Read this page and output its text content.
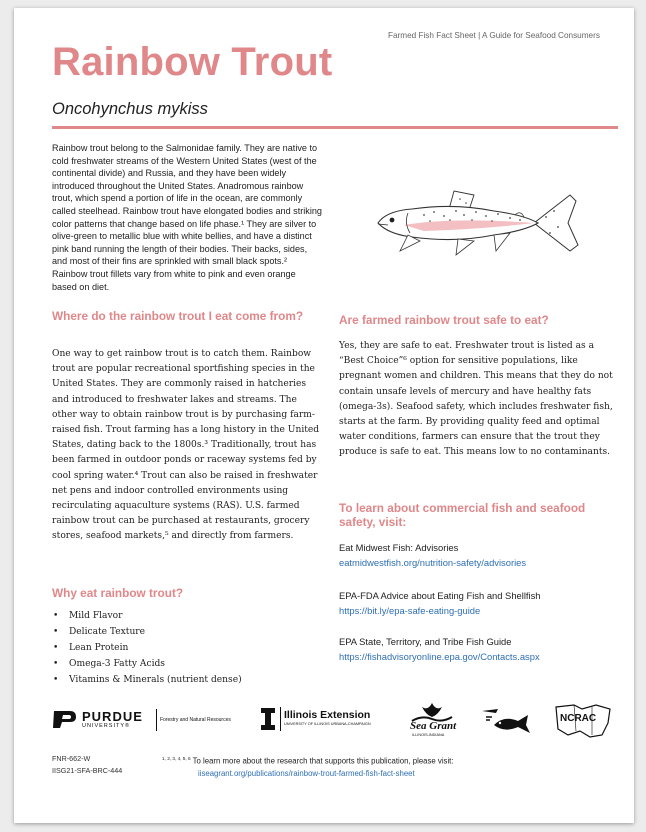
Farmed Fish Fact Sheet | A Guide for Seafood Consumers
Rainbow Trout
Oncohynchus mykiss
Rainbow trout belong to the Salmonidae family. They are native to cold freshwater streams of the Western United States (west of the continental divide) and Russia, and they have been widely introduced throughout the United States. Anadromous rainbow trout, which spend a portion of life in the ocean, are commonly called steelhead. Rainbow trout have elongated bodies and striking color patterns that change based on life phase.¹ They are silver to olive-green to metallic blue with white bellies, and have a distinct pink band running the length of their bodies. Their backs, sides, and most of their fins are sprinkled with small black spots.² Rainbow trout fillets vary from white to pink and even orange based on diet.
Where do the rainbow trout I eat come from?
One way to get rainbow trout is to catch them. Rainbow trout are popular recreational sportfishing species in the United States. They are commonly raised in hatcheries and introduced to freshwater lakes and streams. The other way to obtain rainbow trout is by purchasing farm-raised fish. Trout farming has a long history in the United States, dating back to the 1800s.³ Traditionally, trout has been farmed in outdoor ponds or raceway systems fed by cool spring water.⁴ Trout can also be raised in freshwater net pens and indoor controlled environments using recirculating aquaculture systems (RAS). U.S. farmed rainbow trout can be purchased at restaurants, grocery stores, seafood markets,⁵ and directly from farmers.
Why eat rainbow trout?
• Mild Flavor
• Delicate Texture
• Lean Protein
• Omega-3 Fatty Acids
• Vitamins & Minerals (nutrient dense)
Are farmed rainbow trout safe to eat?
Yes, they are safe to eat. Freshwater trout is listed as a “Best Choice”⁶ option for sensitive populations, like pregnant women and children. This means that they do not contain unsafe levels of mercury and have healthy fats (omega-3s). Seafood safety, which includes freshwater fish, starts at the farm. By providing quality feed and optimal water conditions, farmers can ensure that the trout they produce is safe to eat. This means low to no contaminants.
To learn about commercial fish and seafood safety, visit:
Eat Midwest Fish: Advisories
eatmidwestfish.org/nutrition-safety/advisories
EPA-FDA Advice about Eating Fish and Shellfish
https://bit.ly/epa-safe-eating-guide
EPA State, Territory, and Tribe Fish Guide
https://fishadvisoryonline.epa.gov/Contacts.aspx
PURDUE
UNIVERSITY®
Forestry and Natural Resources	Illinois Extension
UNIVERSITY OF ILLINOIS URBANA-CHAMPAIGN	Sea Grant
ILLINOIS-INDIANA
NCRAC
FNR-662-W
IISG21-SFA-BRC-444
$^{1, 2, 3, 4, 5, 6}$ To learn more about the research that supports this publication, please visit:
iiseagrant.org/publications/rainbow-trout-farmed-fish-fact-sheet
